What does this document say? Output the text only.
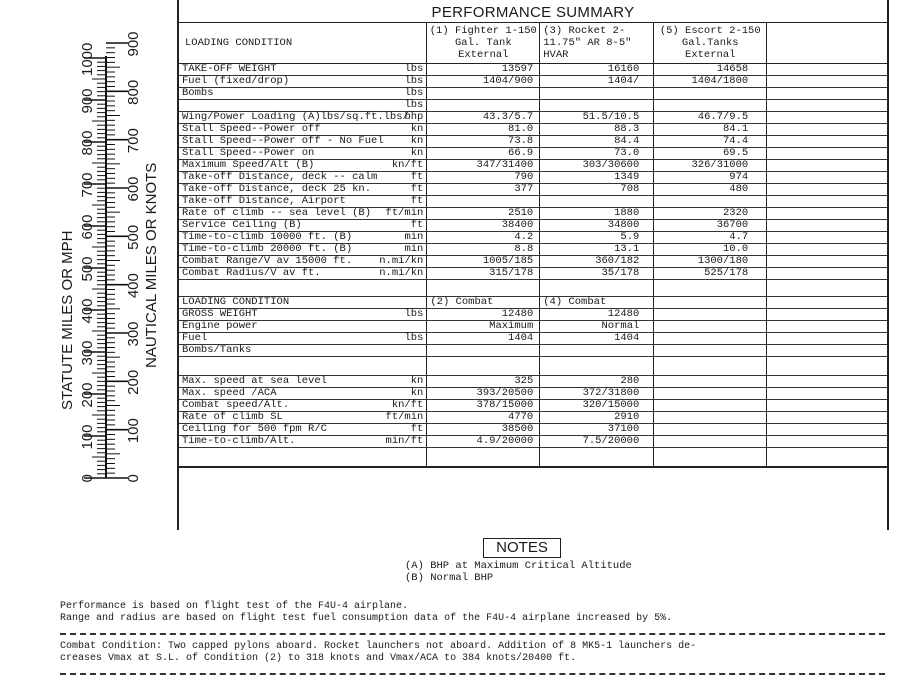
STATUTE MILES OR MPH	NAUTICAL MILES OR KNOTS
0
100
200
300
400
500
600
700
800
900
1000
0
100
200
300
400
500
600
700
800
900
PERFORMANCE SUMMARY
LOADING CONDITION		(1) Fighter 1-150 Gal. Tank External	(3) Rocket 2-11.75" AR 8-5" HVAR	(5) Escort 2-150 Gal.Tanks External	
TAKE-OFF WEIGHT	lbs	13597	16160	14658	
Fuel (fixed/drop)	lbs	1404/900	1404/	1404/1800	
Bombs	lbs				
	lbs				
Wing/Power Loading (A)lbs/sq.ft.lbs/	bhp	43.3/5.7	51.5/10.5	46.7/9.5	
Stall Speed--Power off	kn	81.0	88.3	84.1	
Stall Speed--Power off - No Fuel	kn	73.8	84.4	74.4	
Stall Speed--Power on	kn	66.9	73.0	69.5	
Maximum Speed/Alt (B)	kn/ft	347/31400	303/30600	326/31000	
Take-off Distance, deck -- calm	ft	790	1349	974	
Take-off Distance, deck 25 kn.	ft	377	708	480	
Take-off Distance, Airport	ft				
Rate of climb -- sea level (B)	ft/min	2510	1880	2320	
Service Ceiling (B)	ft	38400	34800	36700	
Time-to-climb 10000 ft. (B)	min	4.2	5.9	4.7	
Time-to-climb 20000 ft. (B)	min	8.8	13.1	10.0	
Combat Range/V av 15000 ft.	n.mi/kn	1005/185	360/182	1300/180	
Combat Radius/V av ft.	n.mi/kn	315/178	35/178	525/178	

LOADING CONDITION		(2) Combat	(4) Combat		
GROSS WEIGHT	lbs	12480	12480		
Engine power		Maximum	Normal		
Fuel	lbs	1404	1404		
Bombs/Tanks					

Max. speed at sea level	kn	325	280		
Max. speed /ACA	kn	393/20500	372/31800		
Combat speed/Alt.	kn/ft	378/15000	320/15000		
Rate of climb SL	ft/min	4770	2910		
Ceiling for 500 fpm R/C	ft	38500	37100		
Time-to-climb/Alt.	min/ft	4.9/20000	7.5/20000		

NOTES
(A) BHP at Maximum Critical Altitude
(B) Normal BHP
Performance is based on flight test of the F4U-4 airplane.
Range and radius are based on flight test fuel consumption data of the F4U-4 airplane increased by 5%.
Combat Condition: Two capped pylons aboard. Rocket launchers not aboard. Addition of 8 MK5-1 launchers de-
creases Vmax at S.L. of Condition (2) to 318 knots and Vmax/ACA to 384 knots/20400 ft.
